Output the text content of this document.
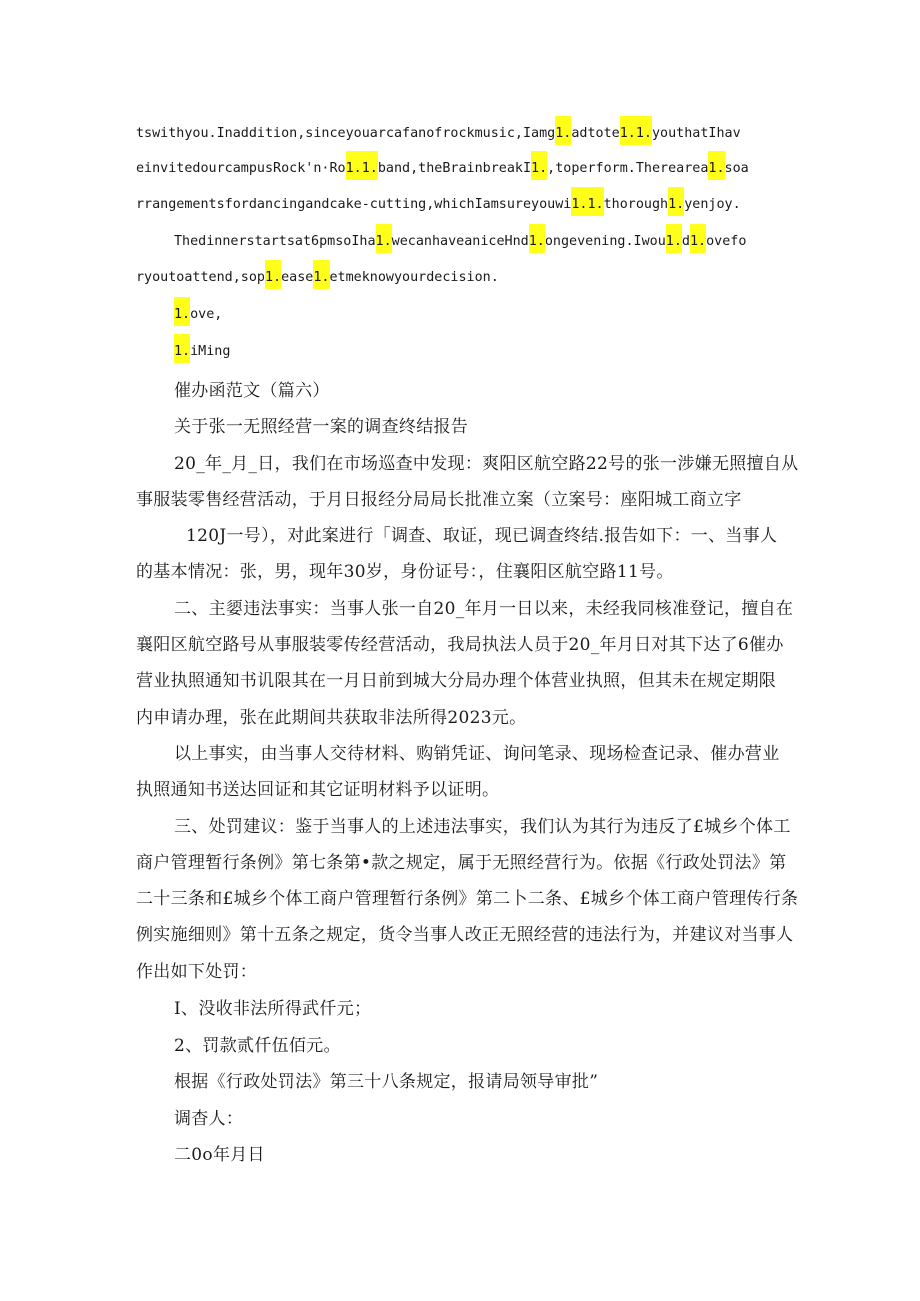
tswithyou.Inaddition,sinceyouarcafanofrockmusic,Iamg1.adtote1.1.youthatIhav
einvitedourcampusRock'n·Ro1.1.band,theBrainbreakI1.,toperform.Therearea1.soa
rrangementsfordancingandcake-cutting,whichIamsureyouwi1.1.thorough1.yenjoy.
Thedinnerstartsat6pmsoIha1.wecanhaveaniceHnd1.ongevening.Iwou1.d1.ovefo
ryoutoattend,sop1.ease1.etmeknowyourdecision.
1.ove,
1.iMing
催办函范文（篇六）
关于张一无照经营一案的调查终结报告
20_年_月_日，我们在市场巡查中发现：爽阳区航空路22号的张一涉嫌无照擅自从
事服装零售经营活动，于月日报经分局局长批准立案（立案号：座阳城工商立字
120J一号），对此案进行「调查、取证，现已调查终结.报告如下：一、当事人
的基本情况：张，男，现年30岁，身份证号：，住襄阳区航空路11号。
二、主媭违法事实：当事人张一自20_年月一日以来，未经我同核准登记，擅自在
襄阳区航空路号从事服装零传经营活动，我局执法人员于20_年月日对其下达了6催办
营业执照通知书讥限其在一月日前到城大分局办理个体营业执照，但其未在规定期限
内申请办理，张在此期间共获取非法所得2023元。
以上事实，由当事人交待材料、购销凭证、询问笔录、现场检查记录、催办营业
执照通知书送达回证和其它证明材料予以证明。
三、处罚建议：鉴于当事人的上述违法事实，我们认为其行为违反了£城乡个体工
商户管理暂行条例》第七条第•款之规定，属于无照经营行为。依据《行政处罚法》第
二十三条和£城乡个体工商户管理暂行条例》第二卜二条、£城乡个体工商户管理传行条
例实施细则》第十五条之规定，货令当事人改正无照经营的违法行为，并建议对当事人
作出如下处罚：
I、没收非法所得武仟元；
2、罚款贰仟伍佰元。
根据《行政处罚法》第三十八条规定，报请局领导审批”
调杳人：
二0o年月日
